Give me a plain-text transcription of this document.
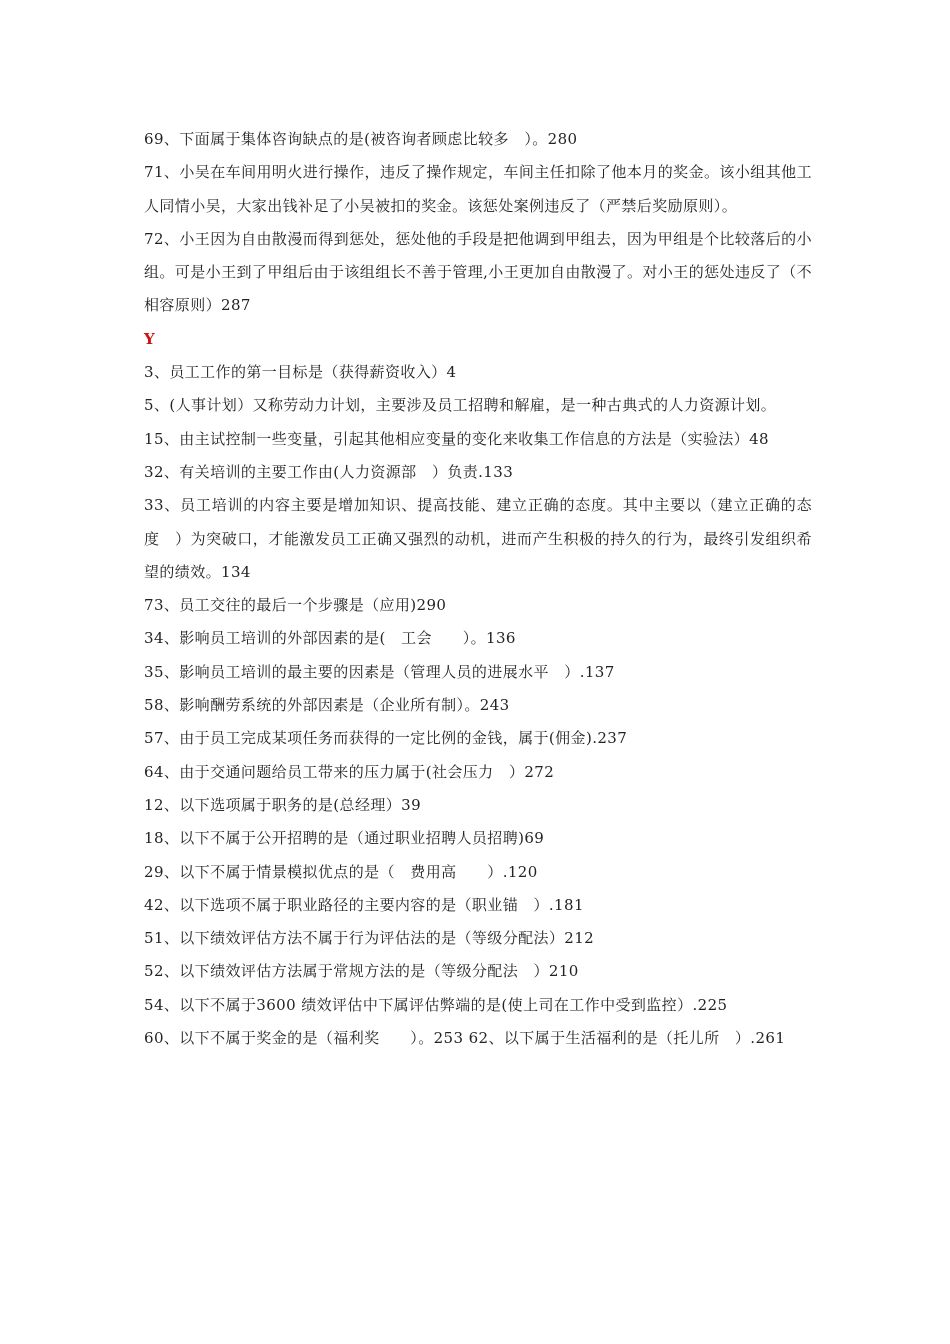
69、下面属于集体咨询缺点的是(被咨询者顾虑比较多　）。280

71、小吴在车间用明火进行操作，违反了操作规定，车间主任扣除了他本月的奖金。该小组其他工人同情小吴，大家出钱补足了小吴被扣的奖金。该惩处案例违反了（严禁后奖励原则）。

72、小王因为自由散漫而得到惩处，惩处他的手段是把他调到甲组去，因为甲组是个比较落后的小组。可是小王到了甲组后由于该组组长不善于管理,小王更加自由散漫了。对小王的惩处违反了（不相容原则）287

Y

3、员工工作的第一目标是（获得薪资收入）4

5、(人事计划）又称劳动力计划，主要涉及员工招聘和解雇，是一种古典式的人力资源计划。

15、由主试控制一些变量，引起其他相应变量的变化来收集工作信息的方法是（实验法）48

32、有关培训的主要工作由(人力资源部　）负责.133

33、员工培训的内容主要是增加知识、提高技能、建立正确的态度。其中主要以（建立正确的态度　）为突破口，才能激发员工正确又强烈的动机，进而产生积极的持久的行为，最终引发组织希望的绩效。134

73、员工交往的最后一个步骤是（应用)290

34、影响员工培训的外部因素的是(　工会　　）。136

35、影响员工培训的最主要的因素是（管理人员的进展水平　）.137

58、影响酬劳系统的外部因素是（企业所有制）。243

57、由于员工完成某项任务而获得的一定比例的金钱，属于(佣金).237

64、由于交通问题给员工带来的压力属于(社会压力　）272

12、以下选项属于职务的是(总经理）39

18、以下不属于公开招聘的是（通过职业招聘人员招聘)69

29、以下不属于情景模拟优点的是（　费用高　　）.120

42、以下选项不属于职业路径的主要内容的是（职业锚　）.181

51、以下绩效评估方法不属于行为评估法的是（等级分配法）212

52、以下绩效评估方法属于常规方法的是（等级分配法　）210

54、以下不属于3600 绩效评估中下属评估弊端的是(使上司在工作中受到监控）.225

60、以下不属于奖金的是（福利奖　　）。253 62、以下属于生活福利的是（托儿所　）.261
